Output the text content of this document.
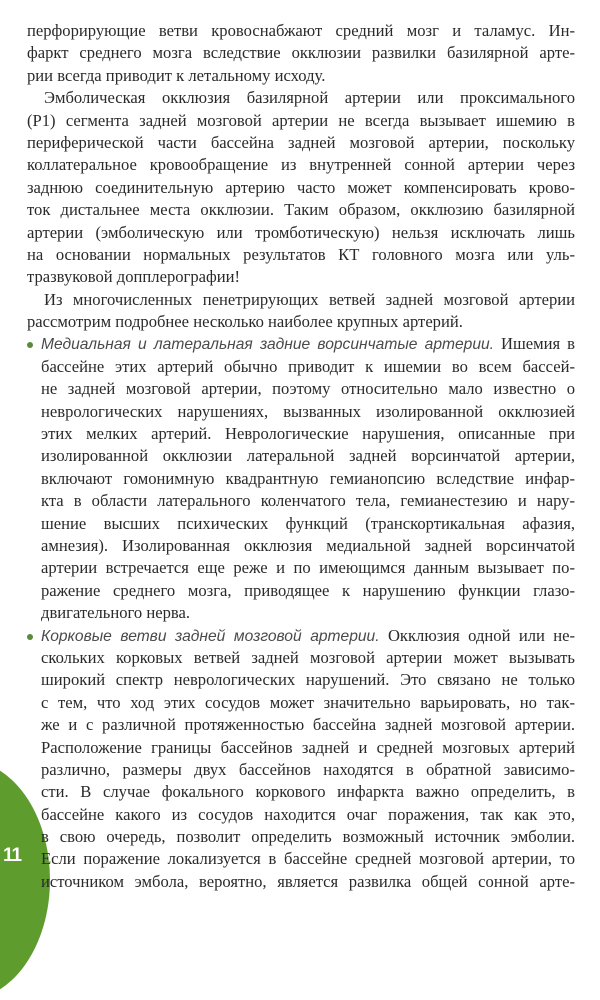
11
перфорирующие ветви кровоснабжают средний мозг и таламус. Ин-
фаркт среднего мозга вследствие окклюзии развилки базилярной арте-
рии всегда приводит к летальному исходу.
Эмболическая окклюзия базилярной артерии или проксимального
(P1) сегмента задней мозговой артерии не всегда вызывает ишемию в
периферической части бассейна задней мозговой артерии, поскольку
коллатеральное кровообращение из внутренней сонной артерии через
заднюю соединительную артерию часто может компенсировать крово-
ток дистальнее места окклюзии. Таким образом, окклюзию базилярной
артерии (эмболическую или тромботическую) нельзя исключать лишь
на основании нормальных результатов КТ головного мозга или уль-
тразвуковой допплерографии!
Из многочисленных пенетрирующих ветвей задней мозговой артерии
рассмотрим подробнее несколько наиболее крупных артерий.
Медиальная и латеральная задние ворсинчатые артерии. Ишемия в
бассейне этих артерий обычно приводит к ишемии во всем бассей-
не задней мозговой артерии, поэтому относительно мало известно о
неврологических нарушениях, вызванных изолированной окклюзией
этих мелких артерий. Неврологические нарушения, описанные при
изолированной окклюзии латеральной задней ворсинчатой артерии,
включают гомонимную квадрантную гемианопсию вследствие инфар-
кта в области латерального коленчатого тела, гемианестезию и нару-
шение высших психических функций (транскортикальная афазия,
амнезия). Изолированная окклюзия медиальной задней ворсинчатой
артерии встречается еще реже и по имеющимся данным вызывает по-
ражение среднего мозга, приводящее к нарушению функции глазо-
двигательного нерва.
Корковые ветви задней мозговой артерии. Окклюзия одной или не-
скольких корковых ветвей задней мозговой артерии может вызывать
широкий спектр неврологических нарушений. Это связано не только
с тем, что ход этих сосудов может значительно варьировать, но так-
же и с различной протяженностью бассейна задней мозговой артерии.
Расположение границы бассейнов задней и средней мозговых артерий
различно, размеры двух бассейнов находятся в обратной зависимо-
сти. В случае фокального коркового инфаркта важно определить, в
бассейне какого из сосудов находится очаг поражения, так как это,
в свою очередь, позволит определить возможный источник эмболии.
Если поражение локализуется в бассейне средней мозговой артерии, то
источником эмбола, вероятно, является развилка общей сонной арте-
